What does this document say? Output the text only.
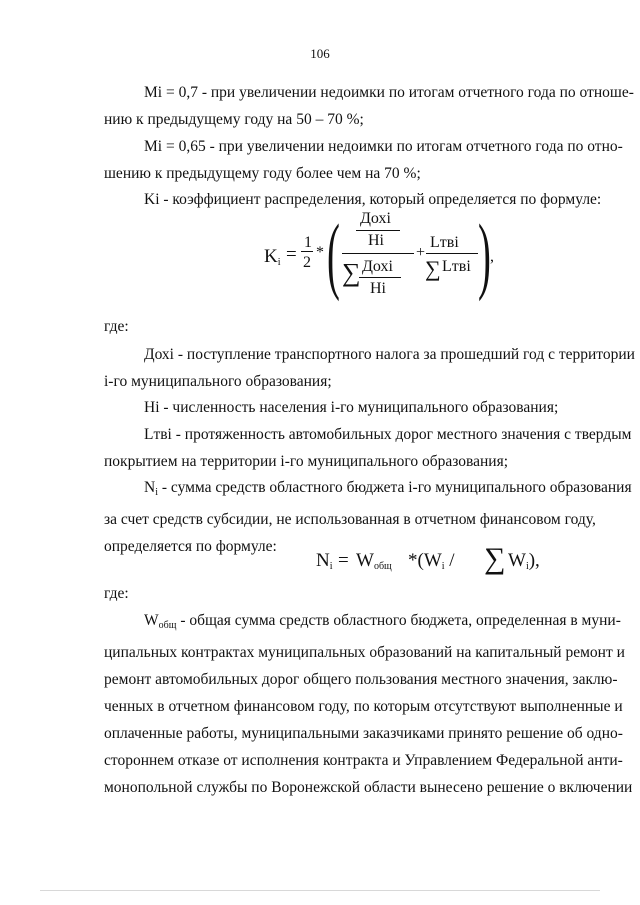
106

Mi = 0,7 - при увеличении недоимки по итогам отчетного года по отноше-
нию к предыдущему году на 50 – 70 %;

Mi = 0,65 - при увеличении недоимки по итогам отчетного года по отно-
шению к предыдущему году более чем на 70 %;

Ki - коэффициент распределения, который определяется по формуле:

$K_i$ =
1
2
* ( Дохi
Нi
∑ Дохi
Нi
+
Lтвi
∑ Lтвi ) ,

где:

Дохi - поступление транспортного налога за прошедший год с территории
i-го муниципального образования;

Нi - численность населения i-го муниципального образования;

Lтвi - протяженность автомобильных дорог местного значения с твердым
покрытием на территории i-го муниципального образования;

$N_i$ - сумма средств областного бюджета i-го муниципального образования
за счет средств субсидии, не использованная в отчетном финансовом году,
определяется по формуле:

$N_i = W_{общ}$ $*(W_i$ / ∑ $W_i$),

где:

$W_{общ}$ - общая сумма средств областного бюджета, определенная в муни-
ципальных контрактах муниципальных образований на капитальный ремонт и
ремонт автомобильных дорог общего пользования местного значения, заклю-
ченных в отчетном финансовом году, по которым отсутствуют выполненные и
оплаченные работы, муниципальными заказчиками принято решение об одно-
стороннем отказе от исполнения контракта и Управлением Федеральной анти-
монопольной службы по Воронежской области вынесено решение о включении
